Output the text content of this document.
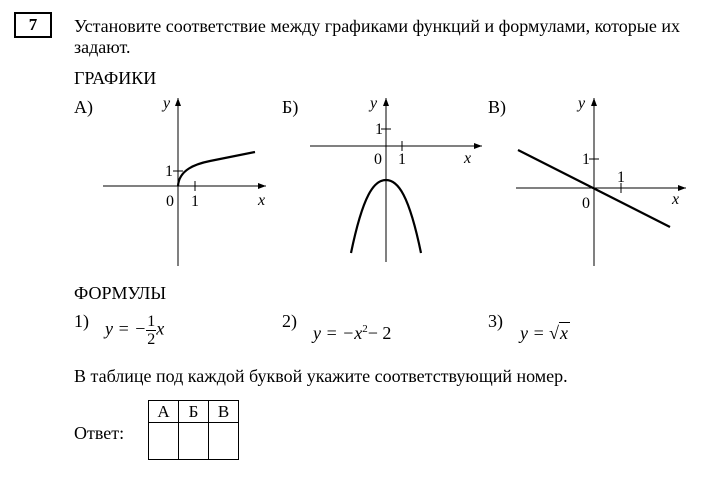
7	Установите соответствие между графиками функций и формулами, которые их задают.
ГРАФИКИ
А)	Б)	В)
y
x
1
0 1
y
x
1
0 1
y
x
1
0
1
ФОРМУЛЫ
1) y = − $\frac{1}{2}$ x	2)
$y = -x^2- 2$
3)
y = √x
В таблице под каждой буквой укажите соответствующий номер.
Ответ:
А	Б	В
